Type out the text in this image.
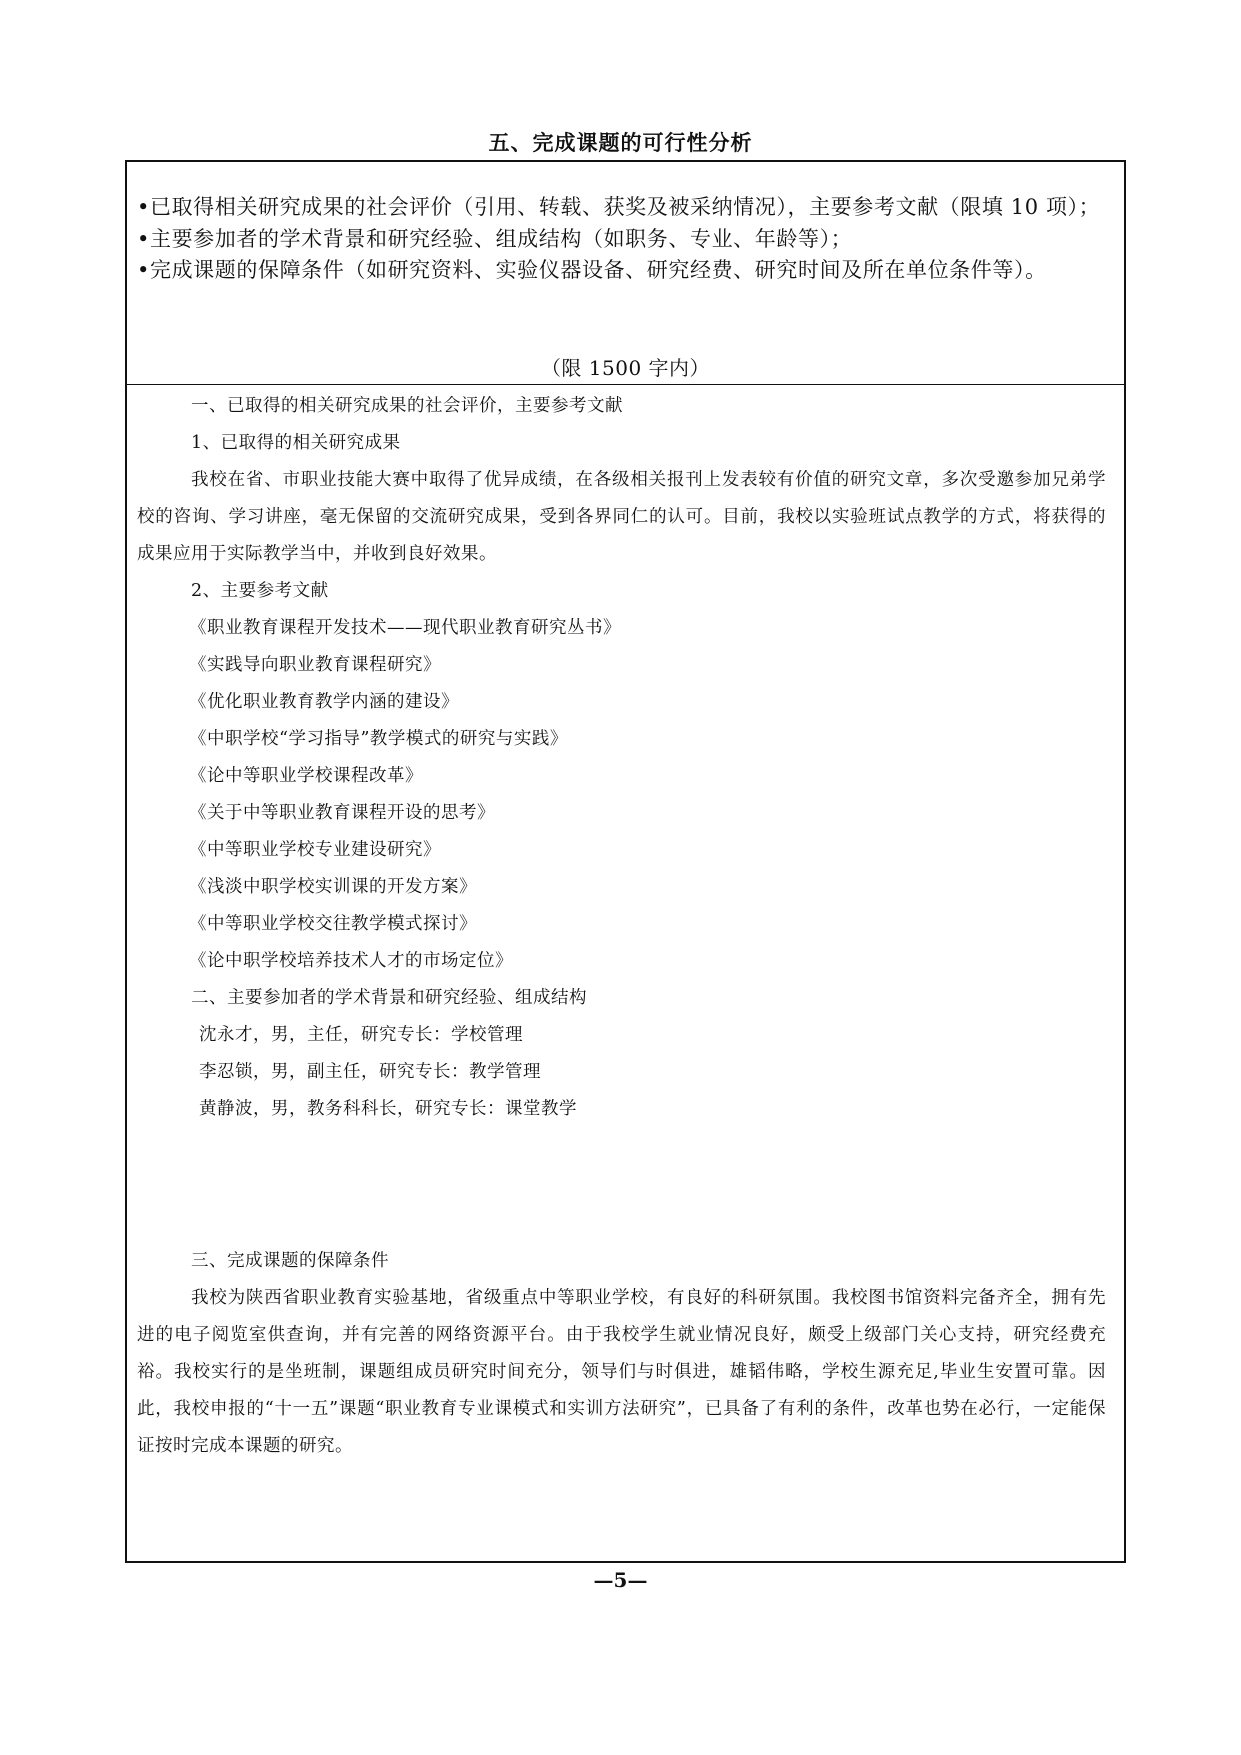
五、完成课题的可行性分析

•已取得相关研究成果的社会评价（引用、转载、获奖及被采纳情况），主要参考文献（限填 10 项）；

•主要参加者的学术背景和研究经验、组成结构（如职务、专业、年龄等）；

•完成课题的保障条件（如研究资料、实验仪器设备、研究经费、研究时间及所在单位条件等）。

（限 1500 字内）
一、已取得的相关研究成果的社会评价，主要参考文献
1、已取得的相关研究成果

我校在省、市职业技能大赛中取得了优异成绩，在各级相关报刊上发表较有价值的研究文章，多次受邀参加兄弟学校的咨询、学习讲座，毫无保留的交流研究成果，受到各界同仁的认可。目前，我校以实验班试点教学的方式，将获得的成果应用于实际教学当中，并收到良好效果。

2、主要参考文献
《职业教育课程开发技术——现代职业教育研究丛书》
《实践导向职业教育课程研究》
《优化职业教育教学内涵的建设》
《中职学校“学习指导”教学模式的研究与实践》
《论中等职业学校课程改革》
《关于中等职业教育课程开设的思考》
《中等职业学校专业建设研究》
《浅淡中职学校实训课的开发方案》
《中等职业学校交往教学模式探讨》
《论中职学校培养技术人才的市场定位》
二、主要参加者的学术背景和研究经验、组成结构
沈永才，男，主任，研究专长：学校管理
李忍锁，男，副主任，研究专长：教学管理
黄静波，男，教务科科长，研究专长：课堂教学
三、完成课题的保障条件

我校为陕西省职业教育实验基地，省级重点中等职业学校，有良好的科研氛围。我校图书馆资料完备齐全，拥有先进的电子阅览室供查询，并有完善的网络资源平台。由于我校学生就业情况良好，颇受上级部门关心支持，研究经费充裕。我校实行的是坐班制，课题组成员研究时间充分，领导们与时俱进，雄韬伟略，学校生源充足,毕业生安置可靠。因此，我校申报的“十一五”课题“职业教育专业课模式和实训方法研究”，已具备了有利的条件，改革也势在必行，一定能保证按时完成本课题的研究。

—5—
